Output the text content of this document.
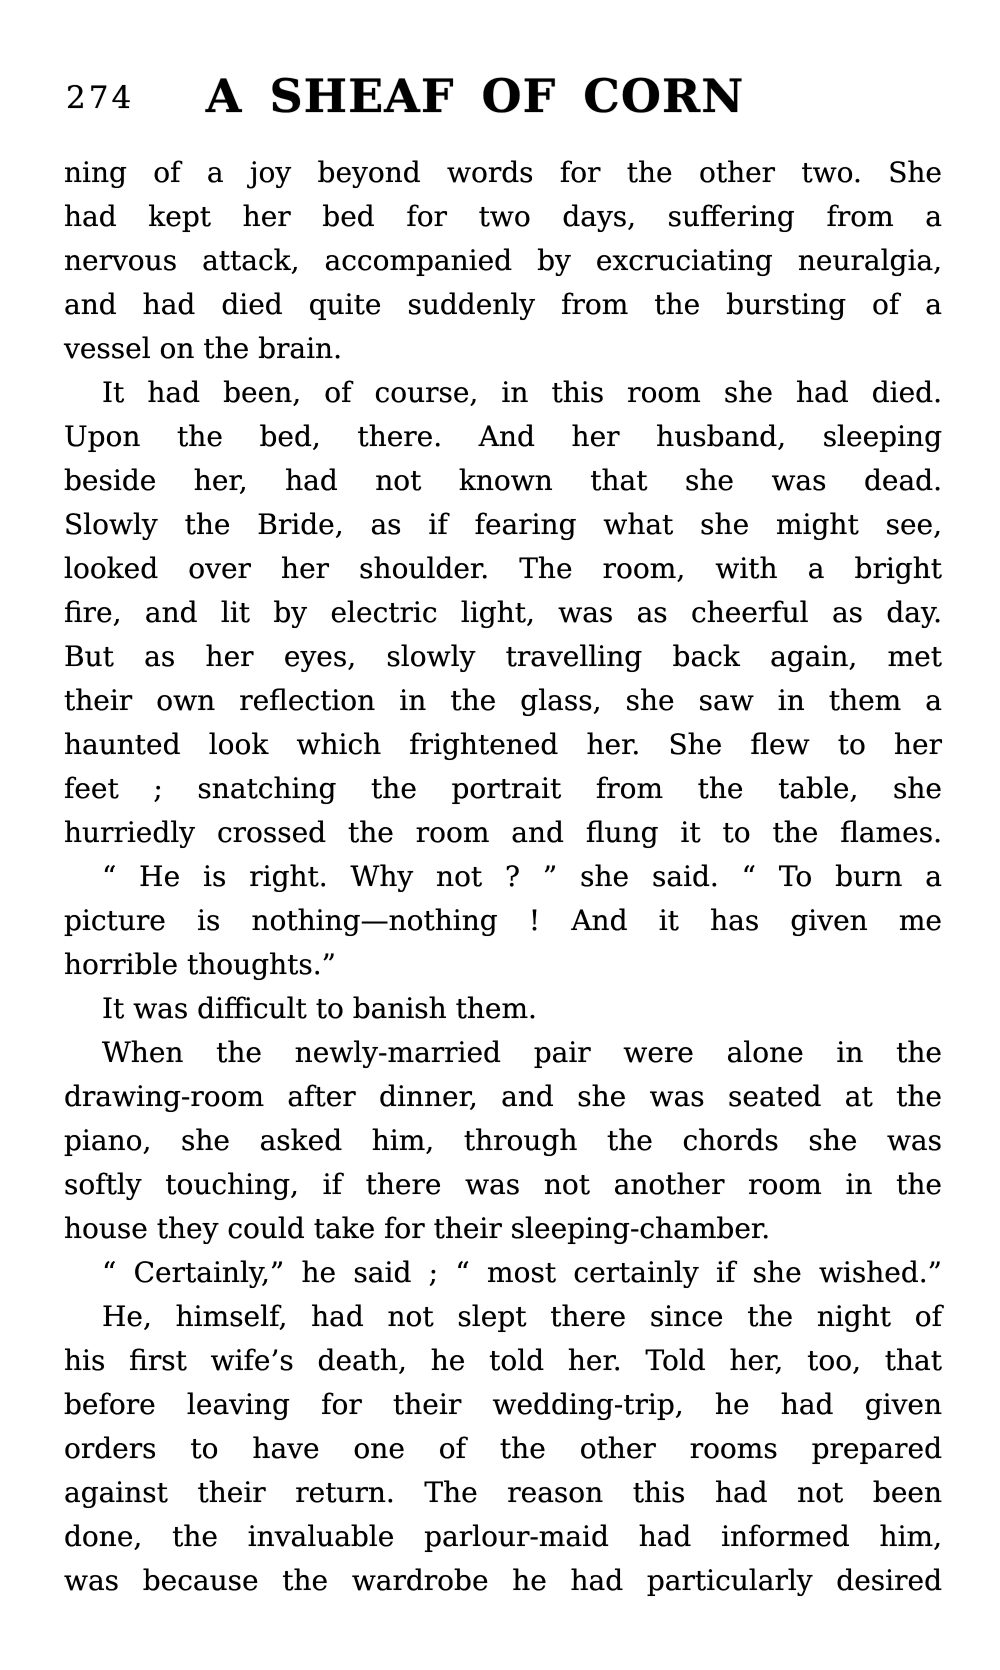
274	A SHEAF OF CORN
ning of a joy beyond words for the other two. She
had kept her bed for two days, suffering from a
nervous attack, accompanied by excruciating neuralgia,
and had died quite suddenly from the bursting of a
vessel on the brain.
It had been, of course, in this room she had died.
Upon the bed, there. And her husband, sleeping
beside her, had not known that she was dead.
Slowly the Bride, as if fearing what she might see,
looked over her shoulder. The room, with a bright
fire, and lit by electric light, was as cheerful as day.
But as her eyes, slowly travelling back again, met
their own reflection in the glass, she saw in them a
haunted look which frightened her. She flew to her
feet ; snatching the portrait from the table, she
hurriedly crossed the room and flung it to the flames.
“ He is right. Why not ? ” she said. “ To burn a
picture is nothing—nothing ! And it has given me
horrible thoughts.”
It was difficult to banish them.
When the newly-married pair were alone in the
drawing-room after dinner, and she was seated at the
piano, she asked him, through the chords she was
softly touching, if there was not another room in the
house they could take for their sleeping-chamber.
“ Certainly,” he said ; “ most certainly if she wished.”
He, himself, had not slept there since the night of
his first wife’s death, he told her. Told her, too, that
before leaving for their wedding-trip, he had given
orders to have one of the other rooms prepared
against their return. The reason this had not been
done, the invaluable parlour-maid had informed him,
was because the wardrobe he had particularly desired
